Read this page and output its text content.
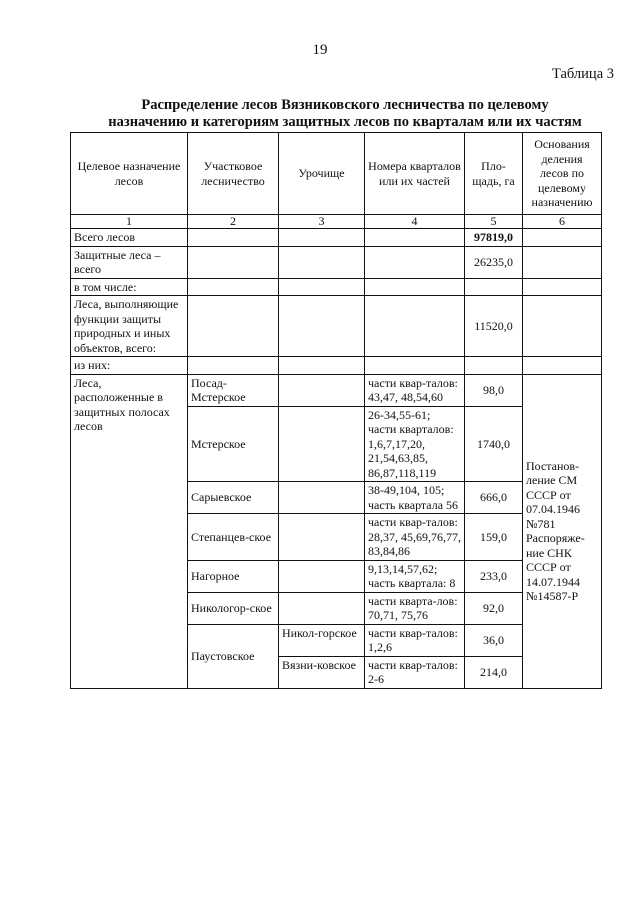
19
Таблица 3
Распределение лесов Вязниковского лесничества по целевому
назначению и категориям защитных лесов по кварталам или их частям
Целевое назначение лесов	Участковое лесничество	Урочище	Номера кварталов или их частей	Пло-щадь, га	Основания деления лесов по целевому назначению
1	2	3	4	5	6
Всего лесов				97819,0	
Защитные леса – всего				26235,0	
в том числе:					
Леса, выполняющие функции защиты природных и иных объектов, всего:				11520,0	
из них:					
Леса, расположенные в защитных полосах лесов	Посад-Мстерское		части квар-талов: 43,47, 48,54,60	98,0	Постанов-ление СМ СССР от 07.04.1946 №781 Распоряже-ние СНК СССР от 14.07.1944 №14587-Р
	Мстерское		26-34,55-61; части кварталов: 1,6,7,17,20, 21,54,63,85, 86,87,118,119	1740,0	
	Сарыевское		38-49,104, 105; часть квартала 56	666,0	
	Степанцев-ское		части квар-талов: 28,37, 45,69,76,77, 83,84,86	159,0	
	Нагорное		9,13,14,57,62; часть квартала: 8	233,0	
	Никологор-ское		части кварта-лов: 70,71, 75,76	92,0	
	Паустовское	Никол-горское	части квар-талов: 1,2,6	36,0	
		Вязни-ковское	части квар-талов: 2-6	214,0	
